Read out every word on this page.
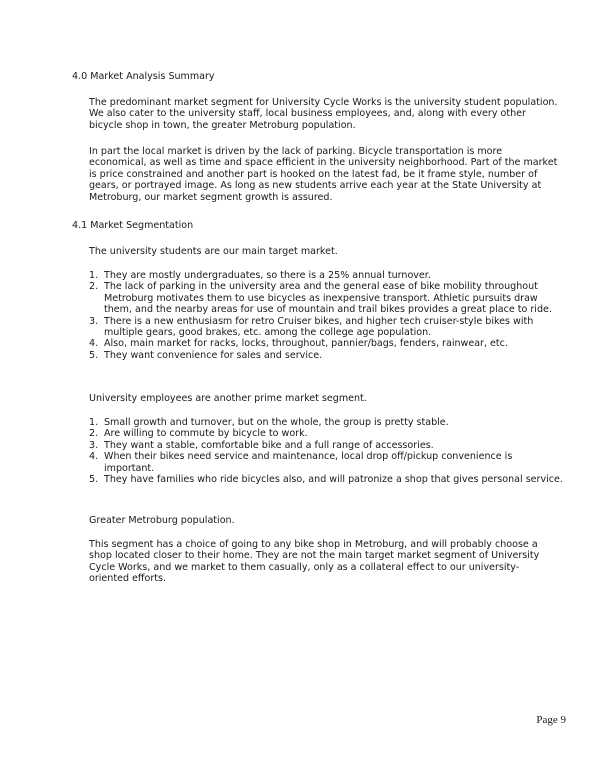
4.0 Market Analysis Summary
The predominant market segment for University Cycle Works is the university student population. We also cater to the university staff, local business employees, and, along with every other bicycle shop in town, the greater Metroburg population.
In part the local market is driven by the lack of parking. Bicycle transportation is more economical, as well as time and space efficient in the university neighborhood. Part of the market is price constrained and another part is hooked on the latest fad, be it frame style, number of gears, or portrayed image. As long as new students arrive each year at the State University at Metroburg, our market segment growth is assured.
4.1 Market Segmentation
The university students are our main target market.
1. They are mostly undergraduates, so there is a 25% annual turnover.
2. The lack of parking in the university area and the general ease of bike mobility throughout Metroburg motivates them to use bicycles as inexpensive transport. Athletic pursuits draw them, and the nearby areas for use of mountain and trail bikes provides a great place to ride.
3. There is a new enthusiasm for retro Cruiser bikes, and higher tech cruiser-style bikes with multiple gears, good brakes, etc. among the college age population.
4. Also, main market for racks, locks, throughout, pannier/bags, fenders, rainwear, etc.
5. They want convenience for sales and service.
University employees are another prime market segment.
1. Small growth and turnover, but on the whole, the group is pretty stable.
2. Are willing to commute by bicycle to work.
3. They want a stable, comfortable bike and a full range of accessories.
4. When their bikes need service and maintenance, local drop off/pickup convenience is important.
5. They have families who ride bicycles also, and will patronize a shop that gives personal service.
Greater Metroburg population.
This segment has a choice of going to any bike shop in Metroburg, and will probably choose a shop located closer to their home. They are not the main target market segment of University Cycle Works, and we market to them casually, only as a collateral effect to our university-oriented efforts.
Page 9
